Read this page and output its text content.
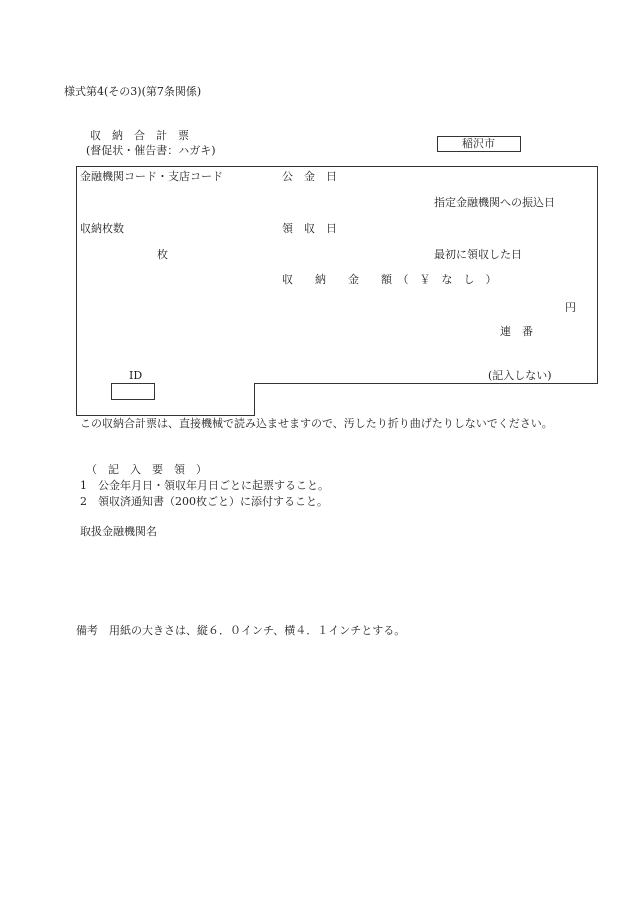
様式第4(その3)(第7条関係)
収　納　合　計　票
(督促状・催告書：ハガキ)
稲沢市
金融機関コード・支店コード	公　金　日
指定金融機関への振込日
収納枚数	領　収　日
枚	最初に領収した日
収　　納　　金　　額　（　￥　な　し　）
円
連　番
ID	(記入しない)
この収納合計票は、直接機械で読み込ませますので、汚したり折り曲げたりしないでください。
（　記　入　要　領　）
1　公金年月日・領収年月日ごとに起票すること。
2　領収済通知書（200枚ごと）に添付すること。
取扱金融機関名
備考　用紙の大きさは、縦６．０インチ、横４．１インチとする。
